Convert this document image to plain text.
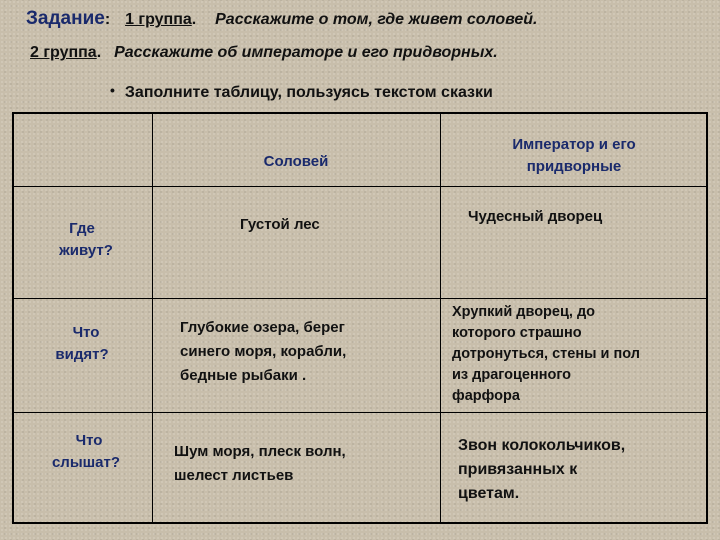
Задание: 1 группа. Расскажите о том, где живет соловей.
2 группа. Расскажите об императоре и его придворных.
• Заполните таблицу, пользуясь текстом сказки
Соловей
Император и его
придворные
Где
живут?
Густой лес	Чудесный дворец
Что
видят?
Глубокие озера, берег
синего моря, корабли,
бедные рыбаки .
Хрупкий дворец, до
которого страшно
дотронуться, стены и пол
из драгоценного
фарфора
Что
слышат?
Шум моря, плеск волн,
шелест листьев
Звон колокольчиков,
привязанных к
цветам.
